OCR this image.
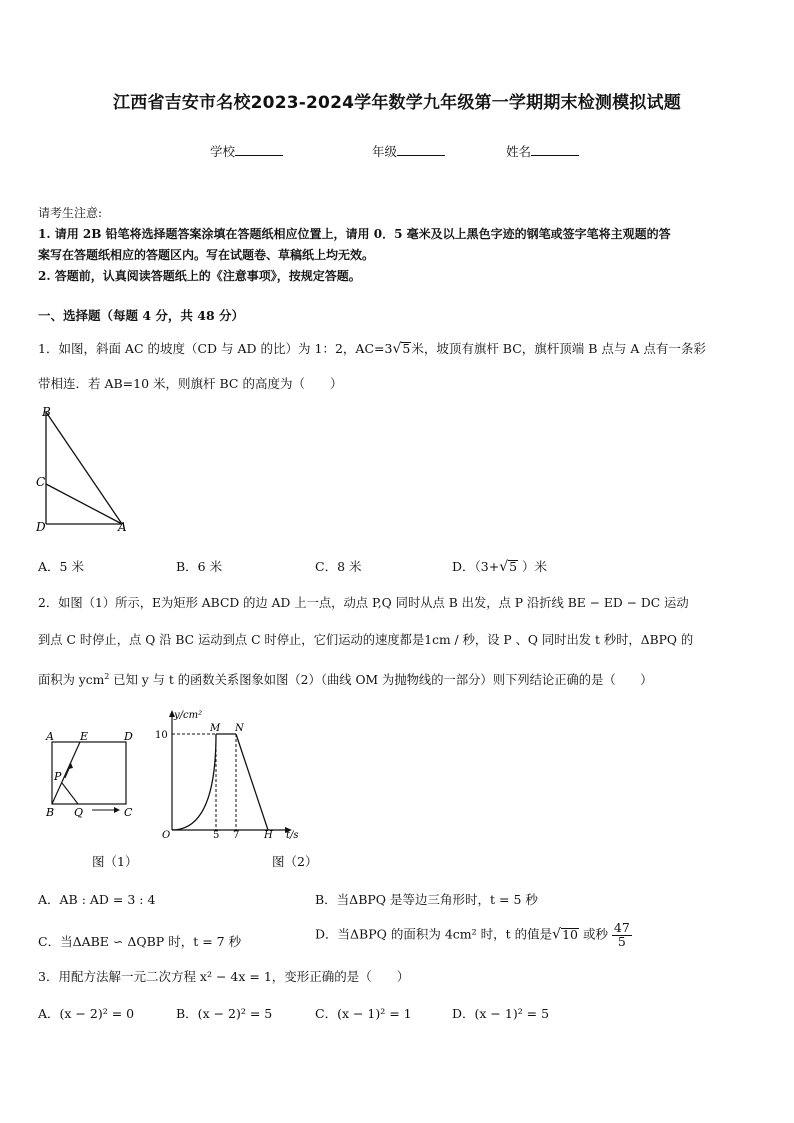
江西省吉安市名校2023-2024学年数学九年级第一学期期末检测模拟试题
学校	年级	姓名
请考生注意:
1. 请用 2B 铅笔将选择题答案涂填在答题纸相应位置上，请用 0．5 毫米及以上黑色字迹的钢笔或签字笔将主观题的答
案写在答题纸相应的答题区内。写在试题卷、草稿纸上均无效。
2. 答题前，认真阅读答题纸上的《注意事项》，按规定答题。
一、选择题（每题 4 分，共 48 分）
1．如图，斜面 AC 的坡度（CD 与 AD 的比）为 1：2，AC=3√5米，坡顶有旗杆 BC，旗杆顶端 B 点与 A 点有一条彩
带相连．若 AB=10 米，则旗杆 BC 的高度为（　　）
B
C
D	A
A．5 米	B．6 米	C．8 米	D．（3+√5 ）米
2．如图（1）所示，E为矩形 ABCD 的边 AD 上一点，动点 P,Q 同时从点 B 出发，点 P 沿折线 BE − ED − DC 运动
到点 C 时停止，点 Q 沿 BC 运动到点 C 时停止，它们运动的速度都是1cm / 秒，设 P 、Q 同时出发 t 秒时，ΔBPQ 的
面积为 ycm$^2$ 已知 y 与 t 的函数关系图象如图（2）（曲线 OM 为抛物线的一部分）则下列结论正确的是（　　）
A E	D
P
B Q	C
图（1）
y/cm²
10
M N
O	5 7 H t/s
图（2）
A．AB : AD = 3 : 4	B．当ΔBPQ 是等边三角形时，t = 5 秒
C．当ΔABE ∽ ΔQBP 时，t = 7 秒	D．当ΔBPQ 的面积为 4cm² 时，t 的值是√10 或秒 $\frac{47}{5}$
3．用配方法解一元二次方程 x² − 4x = 1，变形正确的是（　　）
A．(x − 2)² = 0	B．(x − 2)² = 5	C．(x − 1)² = 1	D．(x − 1)² = 5
